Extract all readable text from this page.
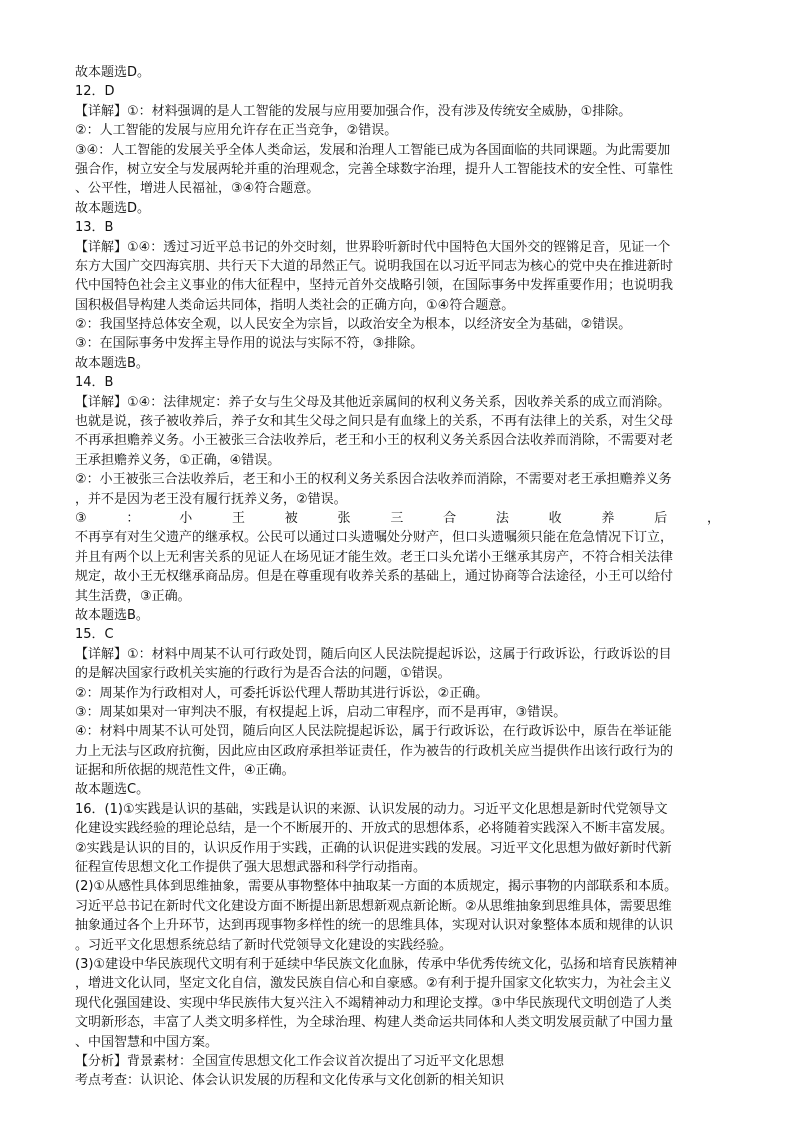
故本题选D。
12．D
【详解】①：材料强调的是人工智能的发展与应用要加强合作，没有涉及传统安全威胁，①排除。
②：人工智能的发展与应用允许存在正当竞争，②错误。
③④：人工智能的发展关乎全体人类命运，发展和治理人工智能已成为各国面临的共同课题。为此需要加
强合作，树立安全与发展两轮并重的治理观念，完善全球数字治理，提升人工智能技术的安全性、可靠性
、公平性，增进人民福祉，③④符合题意。
故本题选D。
13．B
【详解】①④：透过习近平总书记的外交时刻，世界聆听新时代中国特色大国外交的铿锵足音，见证一个
东方大国广交四海宾朋、共行天下大道的昂然正气。说明我国在以习近平同志为核心的党中央在推进新时
代中国特色社会主义事业的伟大征程中，坚持元首外交战略引领，在国际事务中发挥重要作用；也说明我
国积极倡导构建人类命运共同体，指明人类社会的正确方向，①④符合题意。
②：我国坚持总体安全观，以人民安全为宗旨，以政治安全为根本，以经济安全为基础，②错误。
③：在国际事务中发挥主导作用的说法与实际不符，③排除。
故本题选B。
14．B
【详解】①④：法律规定：养子女与生父母及其他近亲属间的权利义务关系，因收养关系的成立而消除。
也就是说，孩子被收养后，养子女和其生父母之间只是有血缘上的关系，不再有法律上的关系，对生父母
不再承担赡养义务。小王被张三合法收养后，老王和小王的权利义务关系因合法收养而消除，不需要对老
王承担赡养义务，①正确，④错误。
②：小王被张三合法收养后，老王和小王的权利义务关系因合法收养而消除，不需要对老王承担赡养义务
，并不是因为老王没有履行抚养义务，②错误。
③ ： 小 王 被 张 三 合 法 收 养 后 ，
不再享有对生父遗产的继承权。公民可以通过口头遗嘱处分财产，但口头遗嘱须只能在危急情况下订立，
并且有两个以上无利害关系的见证人在场见证才能生效。老王口头允诺小王继承其房产，不符合相关法律
规定，故小王无权继承商品房。但是在尊重现有收养关系的基础上，通过协商等合法途径，小王可以给付
其生活费，③正确。
故本题选B。
15．C
【详解】①：材料中周某不认可行政处罚，随后向区人民法院提起诉讼，这属于行政诉讼，行政诉讼的目
的是解决国家行政机关实施的行政行为是否合法的问题，①错误。
②：周某作为行政相对人，可委托诉讼代理人帮助其进行诉讼，②正确。
③：周某如果对一审判决不服，有权提起上诉，启动二审程序，而不是再审，③错误。
④：材料中周某不认可处罚，随后向区人民法院提起诉讼，属于行政诉讼，在行政诉讼中，原告在举证能
力上无法与区政府抗衡，因此应由区政府承担举证责任，作为被告的行政机关应当提供作出该行政行为的
证据和所依据的规范性文件，④正确。
故本题选C。
16．(1)①实践是认识的基础，实践是认识的来源、认识发展的动力。习近平文化思想是新时代党领导文
化建设实践经验的理论总结，是一个不断展开的、开放式的思想体系，必将随着实践深入不断丰富发展。
②实践是认识的目的，认识反作用于实践，正确的认识促进实践的发展。习近平文化思想为做好新时代新
征程宣传思想文化工作提供了强大思想武器和科学行动指南。
(2)①从感性具体到思维抽象，需要从事物整体中抽取某一方面的本质规定，揭示事物的内部联系和本质。
习近平总书记在新时代文化建设方面不断提出新思想新观点新论断。②从思维抽象到思维具体，需要思维
抽象通过各个上升环节，达到再现事物多样性的统一的思维具体，实现对认识对象整体本质和规律的认识
。习近平文化思想系统总结了新时代党领导文化建设的实践经验。
(3)①建设中华民族现代文明有利于延续中华民族文化血脉，传承中华优秀传统文化，弘扬和培育民族精神
，增进文化认同，坚定文化自信，激发民族自信心和自豪感。②有利于提升国家文化软实力，为社会主义
现代化强国建设、实现中华民族伟大复兴注入不竭精神动力和理论支撑。③中华民族现代文明创造了人类
文明新形态，丰富了人类文明多样性，为全球治理、构建人类命运共同体和人类文明发展贡献了中国力量
、中国智慧和中国方案。
【分析】背景素材：全国宣传思想文化工作会议首次提出了习近平文化思想
考点考查：认识论、体会认识发展的历程和文化传承与文化创新的相关知识
